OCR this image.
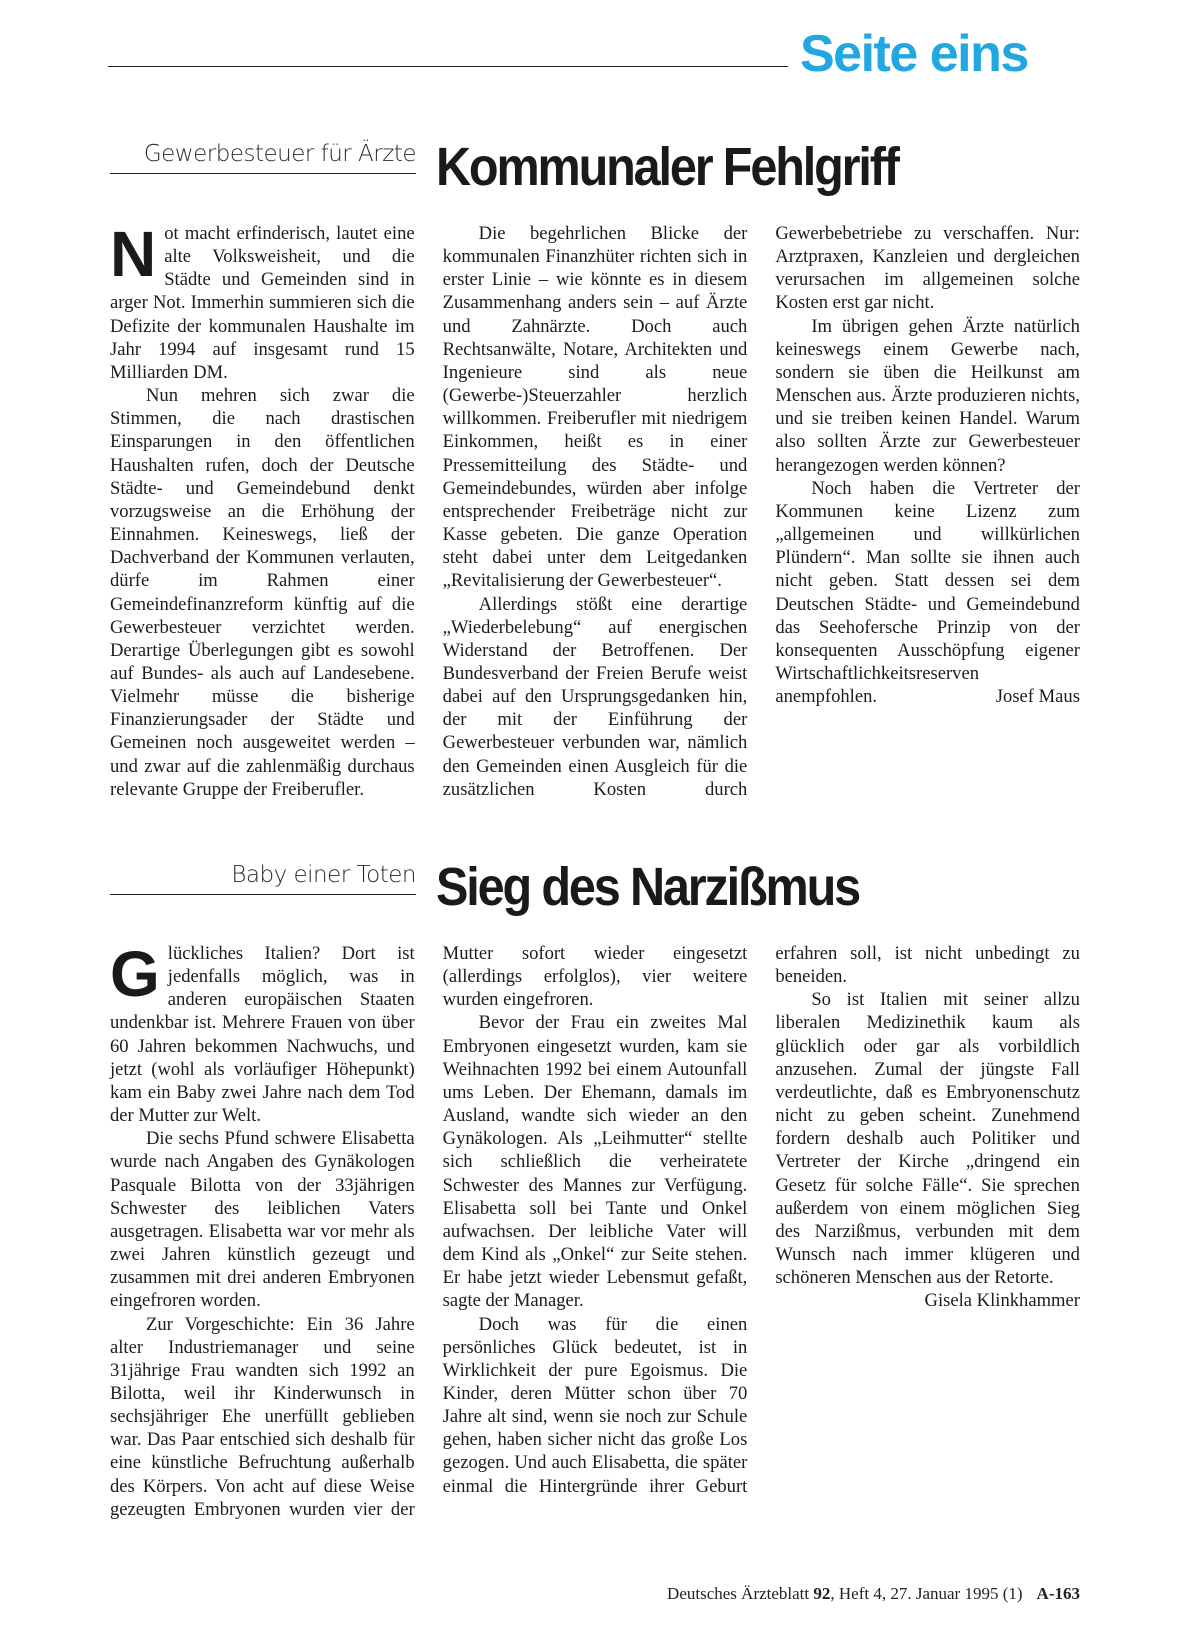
Seite eins
Gewerbesteuer für Ärzte Kommunaler Fehlgriff

Not macht erfinderisch, lautet eine alte Volksweisheit, und die Städte und Gemeinden sind in arger Not. Immerhin summieren sich die Defizite der kommunalen Haushalte im Jahr 1994 auf insgesamt rund 15 Milliarden DM.

Nun mehren sich zwar die Stimmen, die nach drastischen Einsparungen in den öffentlichen Haushalten rufen, doch der Deutsche Städte- und Gemeindebund denkt vorzugsweise an die Erhöhung der Einnahmen. Keineswegs, ließ der Dachverband der Kommunen verlauten, dürfe im Rahmen einer Gemeindefinanzreform künftig auf die Gewerbesteuer verzichtet werden. Derartige Überlegungen gibt es sowohl auf Bundes- als auch auf Landesebene. Vielmehr müsse die bisherige Finanzierungsader der Städte und Gemeinen noch ausgeweitet werden – und zwar auf die zahlenmäßig durchaus relevante Gruppe der Freiberufler.

Die begehrlichen Blicke der kommunalen Finanzhüter richten sich in erster Linie – wie könnte es in diesem Zusammenhang anders sein – auf Ärzte und Zahnärzte. Doch auch Rechtsanwälte, Notare, Architekten und Ingenieure sind als neue (Gewerbe-)Steuerzahler herzlich willkommen. Freiberufler mit niedrigem Einkommen, heißt es in einer Pressemitteilung des Städte- und Gemeindebundes, würden aber infolge entsprechender Freibeträge nicht zur Kasse gebeten. Die ganze Operation steht dabei unter dem Leitgedanken „Revitalisierung der Gewerbesteuer“.

Allerdings stößt eine derartige „Wiederbelebung“ auf energischen Widerstand der Betroffenen. Der Bundesverband der Freien Berufe weist dabei auf den Ursprungsgedanken hin, der mit der Einführung der Gewerbesteuer verbunden war, nämlich den Gemeinden einen Ausgleich für die zusätzlichen Kosten durch Gewerbebetriebe zu verschaffen. Nur: Arztpraxen, Kanzleien und dergleichen verursachen im allgemeinen solche Kosten erst gar nicht.

Im übrigen gehen Ärzte natürlich keineswegs einem Gewerbe nach, sondern sie üben die Heilkunst am Menschen aus. Ärzte produzieren nichts, und sie treiben keinen Handel. Warum also sollten Ärzte zur Gewerbesteuer herangezogen werden können?

Noch haben die Vertreter der Kommunen keine Lizenz zum „allgemeinen und willkürlichen Plündern“. Man sollte sie ihnen auch nicht geben. Statt dessen sei dem Deutschen Städte- und Gemeindebund das Seehofersche Prinzip von der konsequenten Ausschöpfung eigener Wirtschaftlichkeitsreserven anempfohlen.	Josef Maus

Baby einer Toten Sieg des Narzißmus

Glückliches Italien? Dort ist jedenfalls möglich, was in anderen europäischen Staaten undenkbar ist. Mehrere Frauen von über 60 Jahren bekommen Nachwuchs, und jetzt (wohl als vorläufiger Höhepunkt) kam ein Baby zwei Jahre nach dem Tod der Mutter zur Welt.

Die sechs Pfund schwere Elisabetta wurde nach Angaben des Gynäkologen Pasquale Bilotta von der 33jährigen Schwester des leiblichen Vaters ausgetragen. Elisabetta war vor mehr als zwei Jahren künstlich gezeugt und zusammen mit drei anderen Embryonen eingefroren worden.

Zur Vorgeschichte: Ein 36 Jahre alter Industriemanager und seine 31jährige Frau wandten sich 1992 an Bilotta, weil ihr Kinderwunsch in sechsjähriger Ehe unerfüllt geblieben war. Das Paar entschied sich deshalb für eine künstliche Befruchtung außerhalb des Körpers. Von acht auf diese Weise gezeugten Embryonen wurden vier der Mutter sofort wieder eingesetzt (allerdings erfolglos), vier weitere wurden eingefroren.

Bevor der Frau ein zweites Mal Embryonen eingesetzt wurden, kam sie Weihnachten 1992 bei einem Autounfall ums Leben. Der Ehemann, damals im Ausland, wandte sich wieder an den Gynäkologen. Als „Leihmutter“ stellte sich schließlich die verheiratete Schwester des Mannes zur Verfügung. Elisabetta soll bei Tante und Onkel aufwachsen. Der leibliche Vater will dem Kind als „Onkel“ zur Seite stehen. Er habe jetzt wieder Lebensmut gefaßt, sagte der Manager.

Doch was für die einen persönliches Glück bedeutet, ist in Wirklichkeit der pure Egoismus. Die Kinder, deren Mütter schon über 70 Jahre alt sind, wenn sie noch zur Schule gehen, haben sicher nicht das große Los gezogen. Und auch Elisabetta, die später einmal die Hintergründe ihrer Geburt erfahren soll, ist nicht unbedingt zu beneiden.

So ist Italien mit seiner allzu liberalen Medizinethik kaum als glücklich oder gar als vorbildlich anzusehen. Zumal der jüngste Fall verdeutlichte, daß es Embryonenschutz nicht zu geben scheint. Zunehmend fordern deshalb auch Politiker und Vertreter der Kirche „dringend ein Gesetz für solche Fälle“. Sie sprechen außerdem von einem möglichen Sieg des Narzißmus, verbunden mit dem Wunsch nach immer klügeren und schöneren Menschen aus der Retorte.
Gisela Klinkhammer

Deutsches Ärzteblatt 92, Heft 4, 27. Januar 1995 (1) A-163
